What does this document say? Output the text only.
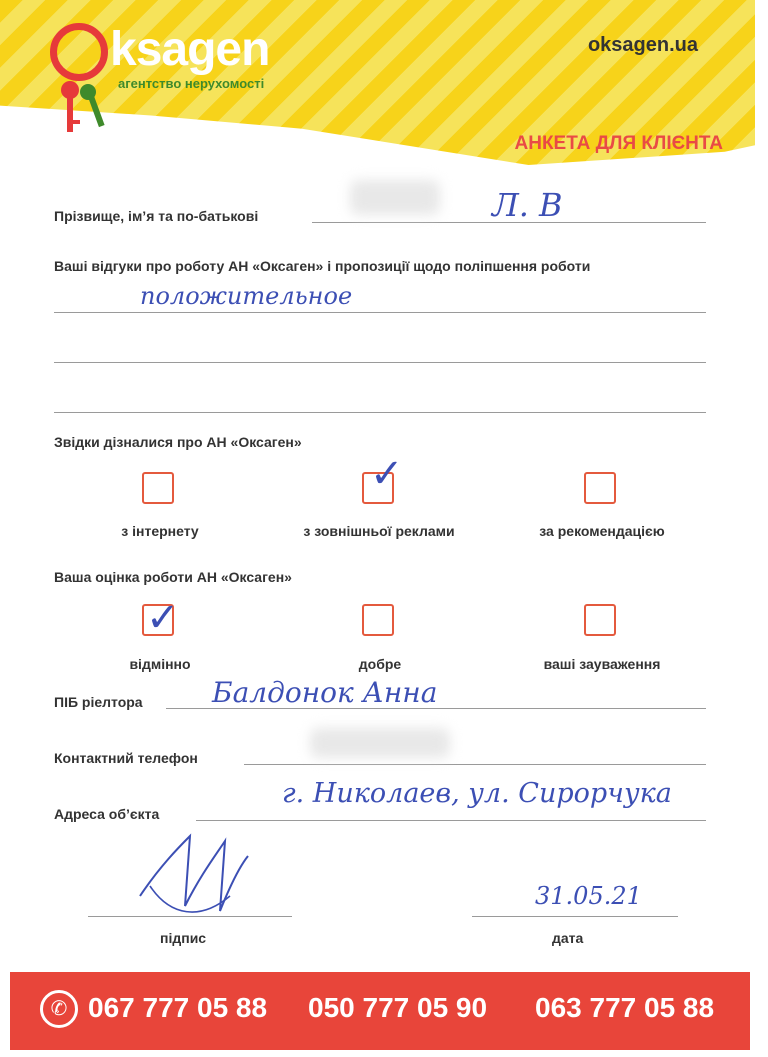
ksagen
агентство нерухомості
oksagen.ua
АНКЕТА ДЛЯ КЛІЄНТА
Прізвище, ім’я та по-батькові	Л. В
Ваші відгуки про роботу АН «Оксаген» і пропозиції щодо поліпшення роботи
положительное
Звідки дізналися про АН «Оксаген»
✓
з інтернету	з зовнішньої реклами	за рекомендацією
Ваша оцінка роботи АН «Оксаген»
✓
відмінно	добре	ваші зауваження
ПІБ ріелтора Балдонок Анна
Контактний телефон
Адреса об’єкта
г. Николаев, ул. Сирорчука
підпис
31.05.21
дата
✆ 067 777 05 88 050 777 05 90 063 777 05 88
